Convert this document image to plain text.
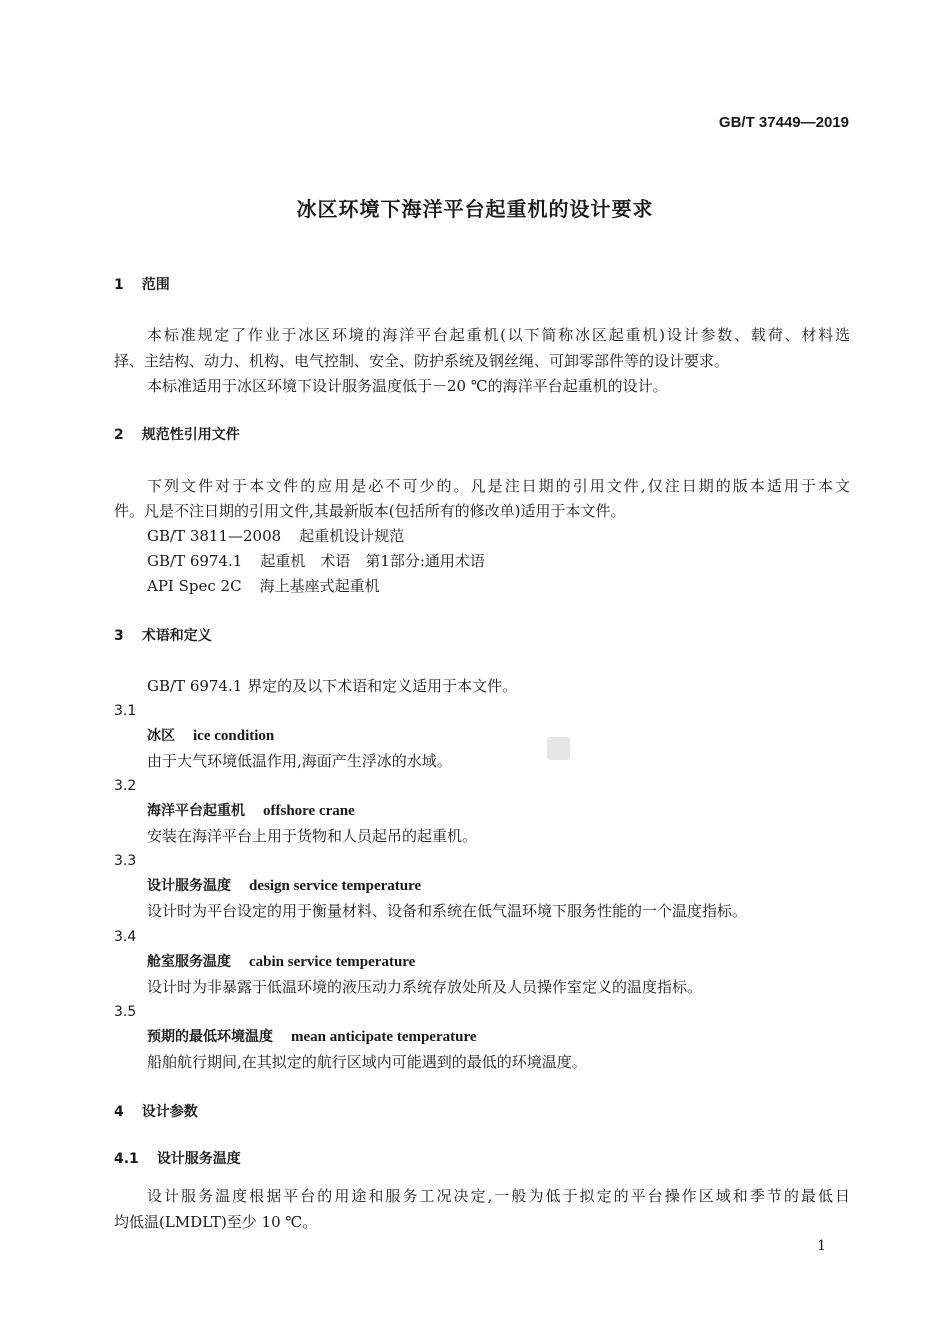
GB/T 37449—2019
冰区环境下海洋平台起重机的设计要求
1 范围
本标准规定了作业于冰区环境的海洋平台起重机(以下简称冰区起重机)设计参数、载荷、材料选
择、主结构、动力、机构、电气控制、安全、防护系统及钢丝绳、可卸零部件等的设计要求。
本标准适用于冰区环境下设计服务温度低于－20 ℃的海洋平台起重机的设计。
2 规范性引用文件
下列文件对于本文件的应用是必不可少的。凡是注日期的引用文件,仅注日期的版本适用于本文
件。凡是不注日期的引用文件,其最新版本(包括所有的修改单)适用于本文件。
GB/T 3811—2008 起重机设计规范
GB/T 6974.1 起重机　术语　第1部分:通用术语
API Spec 2C 海上基座式起重机
3 术语和定义
GB/T 6974.1 界定的及以下术语和定义适用于本文件。
3.1
冰区 ice condition
由于大气环境低温作用,海面产生浮冰的水域。
3.2
海洋平台起重机 offshore crane
安装在海洋平台上用于货物和人员起吊的起重机。
3.3
设计服务温度 design service temperature
设计时为平台设定的用于衡量材料、设备和系统在低气温环境下服务性能的一个温度指标。
3.4
舱室服务温度 cabin service temperature
设计时为非暴露于低温环境的液压动力系统存放处所及人员操作室定义的温度指标。
3.5
预期的最低环境温度 mean anticipate temperature
船舶航行期间,在其拟定的航行区域内可能遇到的最低的环境温度。
4 设计参数
4.1 设计服务温度
设计服务温度根据平台的用途和服务工况决定,一般为低于拟定的平台操作区域和季节的最低日
均低温(LMDLT)至少 10 ℃。
1
